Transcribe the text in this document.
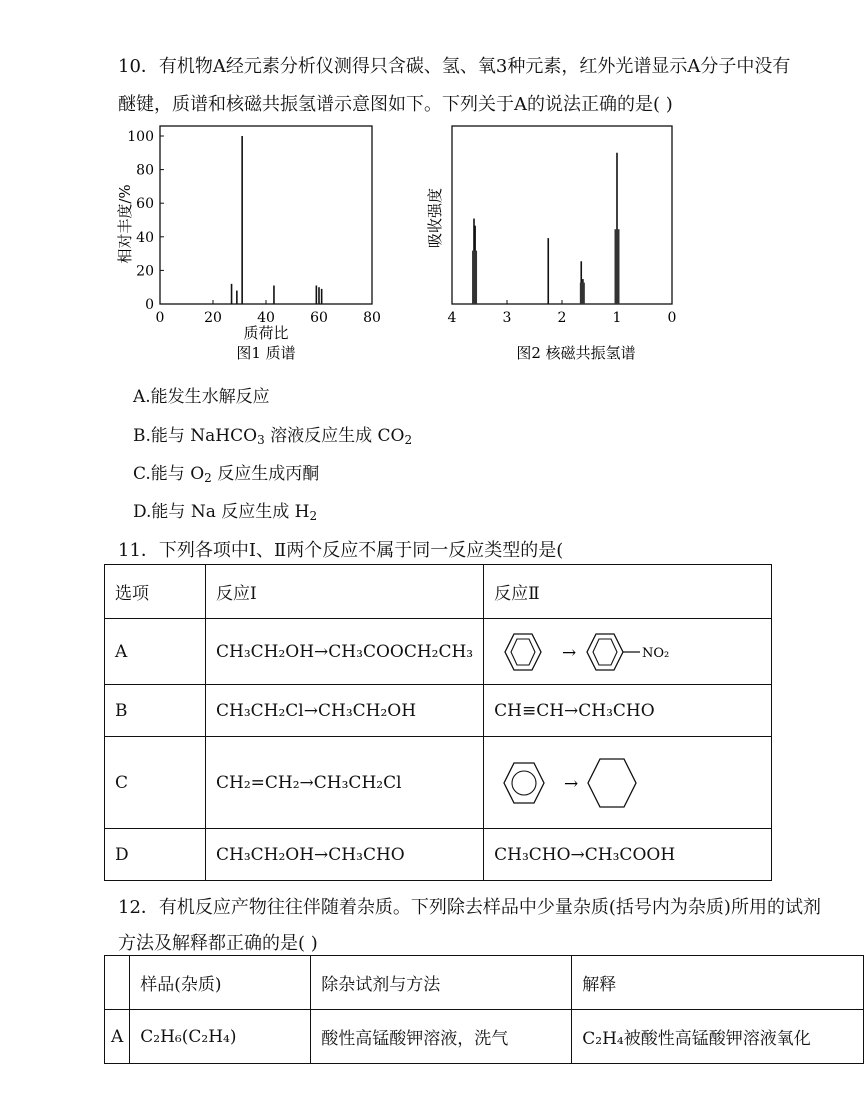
10．有机物A经元素分析仪测得只含碳、氢、氧3种元素，红外光谱显示A分子中没有
醚键，质谱和核磁共振氢谱示意图如下。下列关于A的说法正确的是( )
0	20	40	60	80
0
20
40
60
80
100
质荷比
相对丰度/%
图1 质谱
4	3	2	1	0
吸收强度
图2 核磁共振氢谱
A.能发生水解反应
B.能与 NaHCO$_3$ 溶液反应生成 $CO_2$
C.能与 $O_2$ 反应生成丙酮
D.能与 Na 反应生成 $H_2$
11．下列各项中Ⅰ、Ⅱ两个反应不属于同一反应类型的是(
选项	反应Ⅰ	反应Ⅱ
A	CH₃CH₂OH→CH₃COOCH₂CH₃	→ NO₂

B	CH₃CH₂Cl→CH₃CH₂OH	CH≡CH→CH₃CHO
C	CH₂=CH₂→CH₃CH₂Cl	→

D	CH₃CH₂OH→CH₃CHO	CH₃CHO→CH₃COOH
12．有机反应产物往往伴随着杂质。下列除去样品中少量杂质(括号内为杂质)所用的试剂
方法及解释都正确的是( )
	样品(杂质)	除杂试剂与方法	解释
A	C₂H₆(C₂H₄)	酸性高锰酸钾溶液，洗气	C₂H₄被酸性高锰酸钾溶液氧化
